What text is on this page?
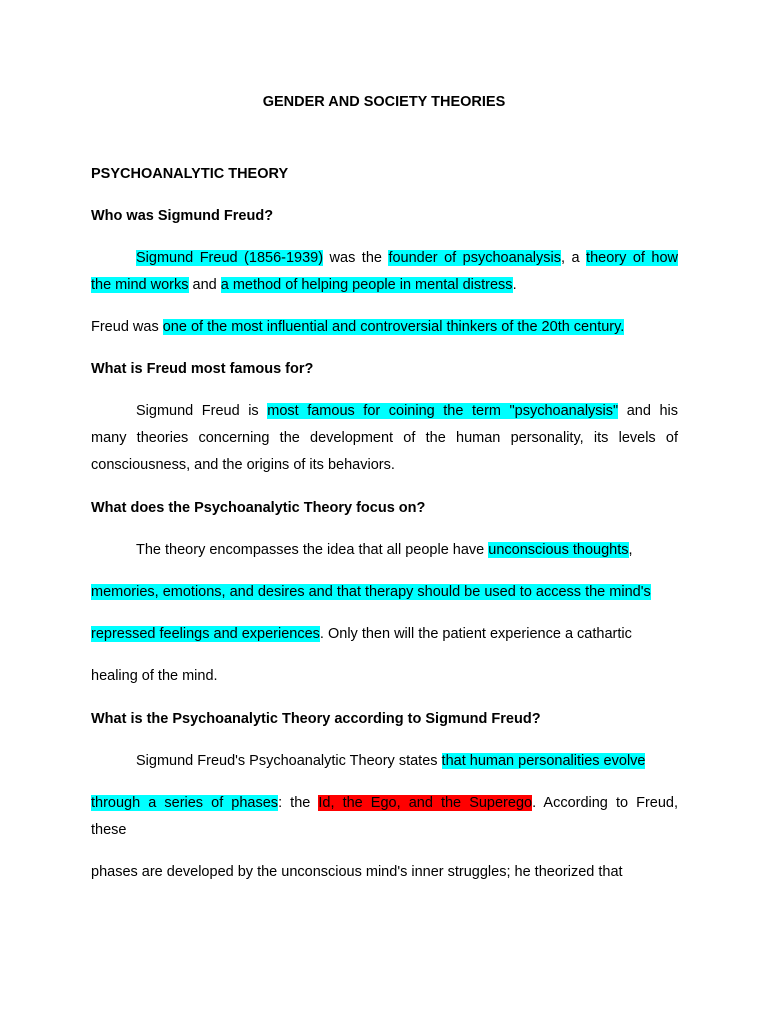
GENDER AND SOCIETY THEORIES
PSYCHOANALYTIC THEORY
Who was Sigmund Freud?
Sigmund Freud (1856-1939) was the founder of psychoanalysis, a theory of how
the mind works and a method of helping people in mental distress.
Freud was one of the most influential and controversial thinkers of the 20th century.
What is Freud most famous for?
Sigmund Freud is most famous for coining the term "psychoanalysis" and his
many theories concerning the development of the human personality, its levels of
consciousness, and the origins of its behaviors.
What does the Psychoanalytic Theory focus on?
The theory encompasses the idea that all people have unconscious thoughts,
memories, emotions, and desires and that therapy should be used to access the mind's
repressed feelings and experiences. Only then will the patient experience a cathartic
healing of the mind.
What is the Psychoanalytic Theory according to Sigmund Freud?
Sigmund Freud's Psychoanalytic Theory states that human personalities evolve
through a series of phases: the Id, the Ego, and the Superego. According to Freud,
these
phases are developed by the unconscious mind's inner struggles; he theorized that
